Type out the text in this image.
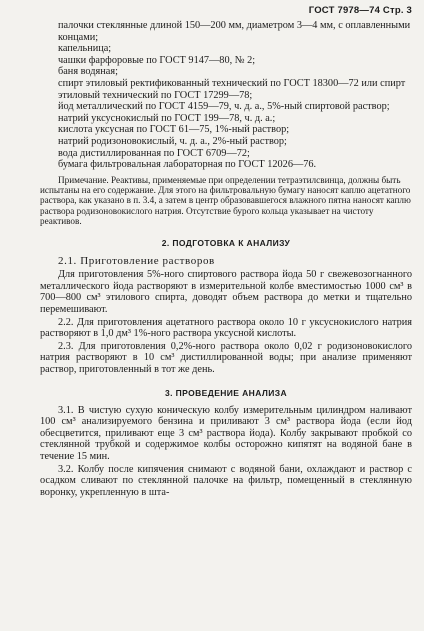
ГОСТ 7978—74 Стр. 3

палочки стеклянные длиной 150—200 мм, диаметром 3—4 мм, с оплавленными концами;

капельница;

чашки фарфоровые по ГОСТ 9147—80, № 2;

баня водяная;

спирт этиловый ректификованный технический по ГОСТ 18300—72 или спирт этиловый технический по ГОСТ 17299—78;

йод металлический по ГОСТ 4159—79, ч. д. а., 5%-ный спиртовой раствор;

натрий уксуснокислый по ГОСТ 199—78, ч. д. а.;

кислота уксусная по ГОСТ 61—75, 1%-ный раствор;

натрий родизоновокислый, ч. д. а., 2%-ный раствор;

вода дистиллированная по ГОСТ 6709—72;

бумага фильтровальная лабораторная по ГОСТ 12026—76.

Примечание. Реактивы, применяемые при определении тетраэтилсвинца, должны быть испытаны на его содержание. Для этого на фильтровальную бумагу наносят каплю ацетатного раствора, как указано в п. 3.4, а затем в центр образовавшегося влажного пятна наносят каплю раствора родизоновокислого натрия. Отсутствие бурого кольца указывает на чистоту реактивов.

2. ПОДГОТОВКА К АНАЛИЗУ

2.1. Приготовление растворов

Для приготовления 5%-ного спиртового раствора йода 50 г свежевозогнанного металлического йода растворяют в измерительной колбе вместимостью 1000 см³ в 700—800 см³ этилового спирта, доводят объем раствора до метки и тщательно перемешивают.

2.2. Для приготовления ацетатного раствора около 10 г уксуснокислого натрия растворяют в 1,0 дм³ 1%-ного раствора уксусной кислоты.

2.3. Для приготовления 0,2%-ного раствора около 0,02 г родизоновокислого натрия растворяют в 10 см³ дистиллированной воды; при анализе применяют раствор, приготовленный в тот же день.

3. ПРОВЕДЕНИЕ АНАЛИЗА

3.1. В чистую сухую коническую колбу измерительным цилиндром наливают 100 см³ анализируемого бензина и приливают 3 см³ раствора йода (если йод обесцветится, приливают еще 3 см³ раствора йода). Колбу закрывают пробкой со стеклянной трубкой и содержимое колбы осторожно кипятят на водяной бане в течение 15 мин.

3.2. Колбу после кипячения снимают с водяной бани, охлаждают и раствор с осадком сливают по стеклянной палочке на фильтр, помещенный в стеклянную воронку, укрепленную в шта-
